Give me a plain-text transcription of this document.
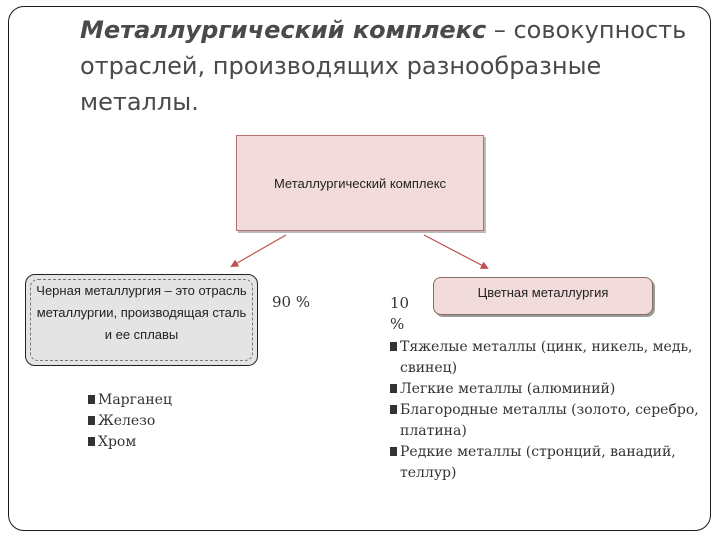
Металлургический комплекс – совокупность отраслей, производящих разнообразные металлы.
Металлургический комплекс
Черная металлургия – это отрасль металлургии, производящая сталь и ее сплавы
90 %
Марганец
Железо
Хром
Цветная металлургия
10 %
Тяжелые металлы (цинк, никель, медь, свинец)
Легкие металлы (алюминий)
Благородные металлы (золото, серебро, платина)
Редкие металлы (стронций, ванадий, теллур)
